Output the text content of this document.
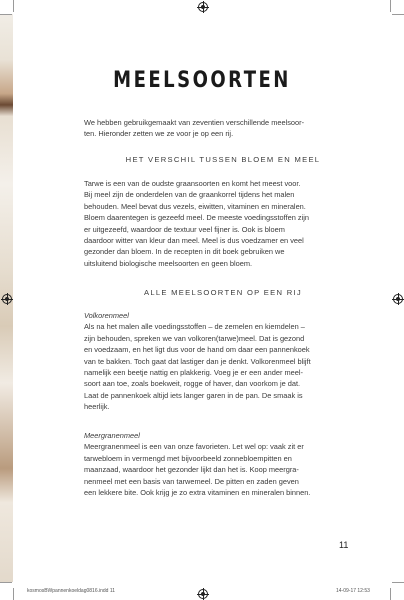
MEELSOORTEN
We hebben gebruikgemaakt van zeventien verschillende meelsoor-
ten. Hieronder zetten we ze voor je op een rij.
HET VERSCHIL TUSSEN BLOEM EN MEEL
Tarwe is een van de oudste graansoorten en komt het meest voor.
Bij meel zijn de onderdelen van de graankorrel tijdens het malen
behouden. Meel bevat dus vezels, eiwitten, vitaminen en mineralen.
Bloem daarentegen is gezeefd meel. De meeste voedingsstoffen zijn
er uitgezeefd, waardoor de textuur veel fijner is. Ook is bloem
daardoor witter van kleur dan meel. Meel is dus voedzamer en veel
gezonder dan bloem. In de recepten in dit boek gebruiken we
uitsluitend biologische meelsoorten en geen bloem.
ALLE MEELSOORTEN OP EEN RIJ
Volkorenmeel
Als na het malen alle voedingsstoffen – de zemelen en kiemdelen –
zijn behouden, spreken we van volkoren(tarwe)meel. Dat is gezond
en voedzaam, en het ligt dus voor de hand om daar een pannenkoek
van te bakken. Toch gaat dat lastiger dan je denkt. Volkorenmeel blijft
namelijk een beetje nattig en plakkerig. Voeg je er een ander meel-
soort aan toe, zoals boekweit, rogge of haver, dan voorkom je dat.
Laat de pannenkoek altijd iets langer garen in de pan. De smaak is
heerlijk.
Meergranenmeel
Meergranenmeel is een van onze favorieten. Let wel op: vaak zit er
tarwebloem in vermengd met bijvoorbeeld zonnebloempitten en
maanzaad, waardoor het gezonder lijkt dan het is. Koop meergra-
nenmeel met een basis van tarwemeel. De pitten en zaden geven
een lekkere bite. Ook krijg je zo extra vitaminen en mineralen binnen.
11
kosmosBWpannenkoeldag0816.indd 11	14-09-17 12:53
